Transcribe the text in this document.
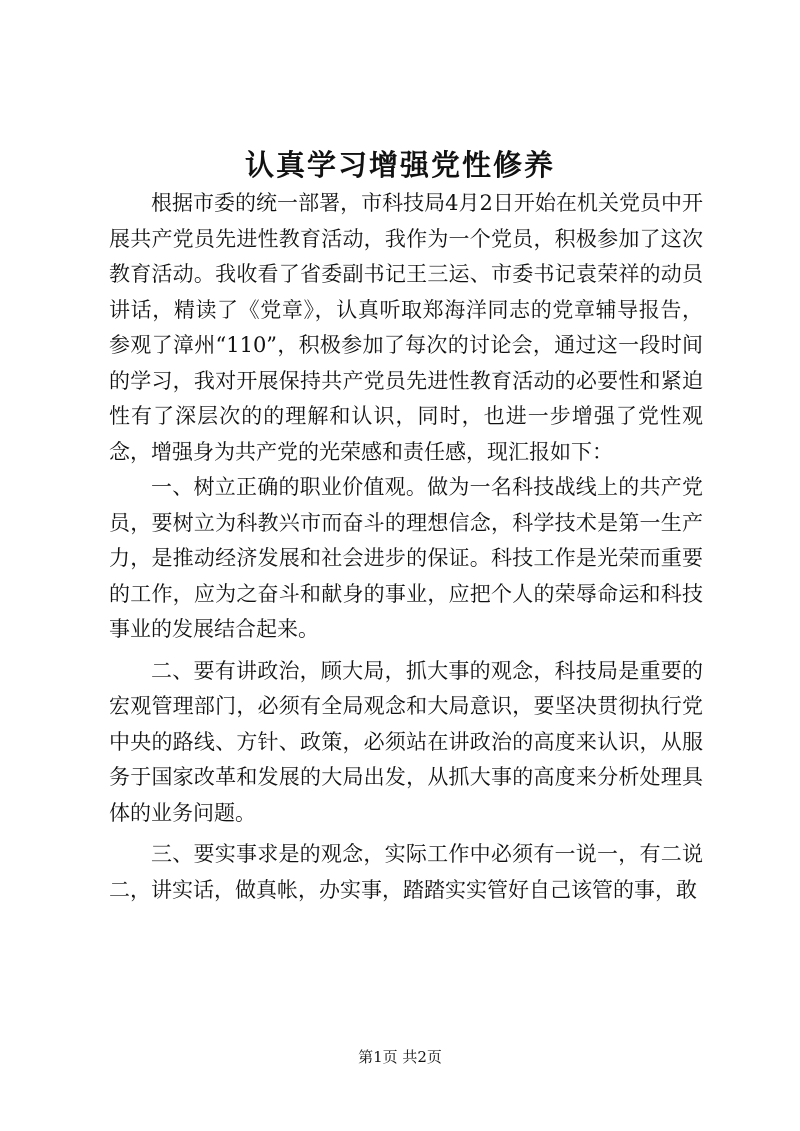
认真学习增强党性修养

根据市委的统一部署，市科技局4月2日开始在机关党员中开展共产党员先进性教育活动，我作为一个党员，积极参加了这次教育活动。我收看了省委副书记王三运、市委书记袁荣祥的动员讲话，精读了《党章》，认真听取郑海洋同志的党章辅导报告，参观了漳州“110”，积极参加了每次的讨论会，通过这一段时间的学习，我对开展保持共产党员先进性教育活动的必要性和紧迫性有了深层次的的理解和认识，同时，也进一步增强了党性观念，增强身为共产党的光荣感和责任感，现汇报如下：

一、树立正确的职业价值观。做为一名科技战线上的共产党员，要树立为科教兴市而奋斗的理想信念，科学技术是第一生产力，是推动经济发展和社会进步的保证。科技工作是光荣而重要的工作，应为之奋斗和献身的事业，应把个人的荣辱命运和科技事业的发展结合起来。

二、要有讲政治，顾大局，抓大事的观念，科技局是重要的宏观管理部门，必须有全局观念和大局意识，要坚决贯彻执行党中央的路线、方针、政策，必须站在讲政治的高度来认识，从服务于国家改革和发展的大局出发，从抓大事的高度来分析处理具体的业务问题。

三、要实事求是的观念，实际工作中必须有一说一，有二说二，讲实话，做真帐，办实事，踏踏实实管好自己该管的事，敢

第1页 共2页
